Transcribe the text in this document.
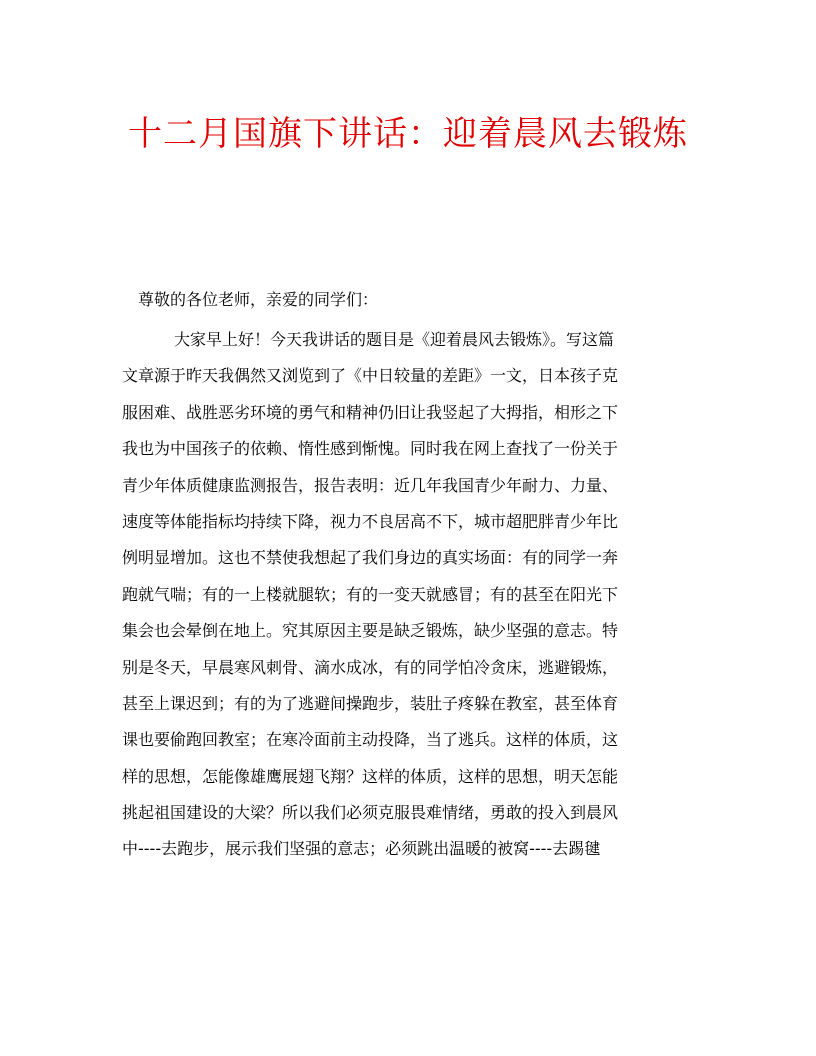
十二月国旗下讲话：迎着晨风去锻炼

尊敬的各位老师，亲爱的同学们：

大家早上好！今天我讲话的题目是《迎着晨风去锻炼》。写这篇
文章源于昨天我偶然又浏览到了《中日较量的差距》一文，日本孩子克
服困难、战胜恶劣环境的勇气和精神仍旧让我竖起了大拇指，相形之下
我也为中国孩子的依赖、惰性感到惭愧。同时我在网上查找了一份关于
青少年体质健康监测报告，报告表明：近几年我国青少年耐力、力量、
速度等体能指标均持续下降，视力不良居高不下，城市超肥胖青少年比
例明显增加。这也不禁使我想起了我们身边的真实场面：有的同学一奔
跑就气喘；有的一上楼就腿软；有的一变天就感冒；有的甚至在阳光下
集会也会晕倒在地上。究其原因主要是缺乏锻炼，缺少坚强的意志。特
别是冬天，早晨寒风刺骨、滴水成冰，有的同学怕冷贪床，逃避锻炼，
甚至上课迟到；有的为了逃避间操跑步，装肚子疼躲在教室，甚至体育
课也要偷跑回教室；在寒冷面前主动投降，当了逃兵。这样的体质，这
样的思想，怎能像雄鹰展翅飞翔？这样的体质，这样的思想，明天怎能
挑起祖国建设的大梁？所以我们必须克服畏难情绪，勇敢的投入到晨风
中----去跑步，展示我们坚强的意志；必须跳出温暖的被窝----去踢毽
